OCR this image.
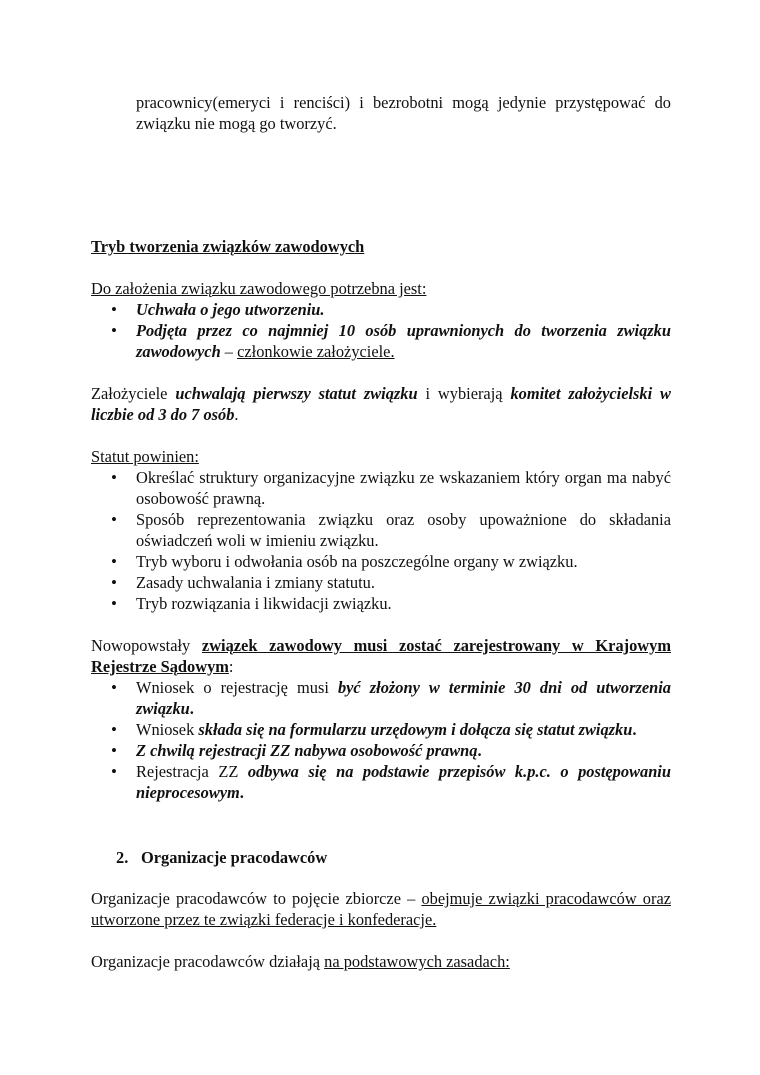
pracownicy(emeryci i renciści) i bezrobotni mogą jedynie przystępować do związku nie mogą go tworzyć.

Tryb tworzenia związków zawodowych

Do założenia związku zawodowego potrzebna jest:

• Uchwała o jego utworzeniu.
• Podjęta przez co najmniej 10 osób uprawnionych do tworzenia związku zawodowych – członkowie założyciele.

Założyciele uchwalają pierwszy statut związku i wybierają komitet założycielski w liczbie od 3 do 7 osób.

Statut powinien:

• Określać struktury organizacyjne związku ze wskazaniem który organ ma nabyć osobowość prawną.
• Sposób reprezentowania związku oraz osoby upoważnione do składania oświadczeń woli w imieniu związku.
• Tryb wyboru i odwołania osób na poszczególne organy w związku.
• Zasady uchwalania i zmiany statutu.
• Tryb rozwiązania i likwidacji związku.

Nowopowstały związek zawodowy musi zostać zarejestrowany w Krajowym Rejestrze Sądowym:

• Wniosek o rejestrację musi być złożony w terminie 30 dni od utworzenia związku.
• Wniosek składa się na formularzu urzędowym i dołącza się statut związku.
• Z chwilą rejestracji ZZ nabywa osobowość prawną.
• Rejestracja ZZ odbywa się na podstawie przepisów k.p.c. o postępowaniu nieprocesowym.

2. Organizacje pracodawców

Organizacje pracodawców to pojęcie zbiorcze – obejmuje związki pracodawców oraz utworzone przez te związki federacje i konfederacje.

Organizacje pracodawców działają na podstawowych zasadach:
